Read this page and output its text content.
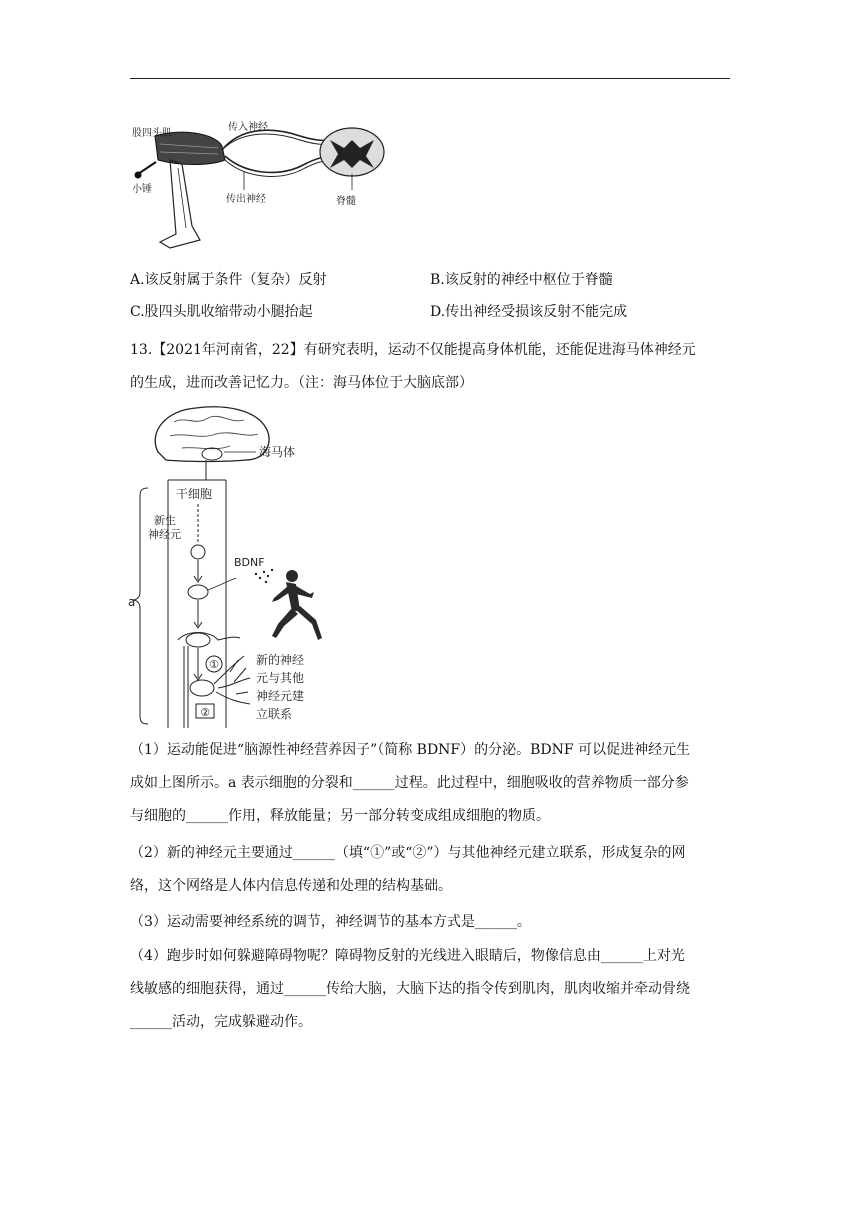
股四头肌
传入神经
小锤
传出神经	脊髓
A.该反射属于条件（复杂）反射	B.该反射的神经中枢位于脊髓
C.股四头肌收缩带动小腿抬起	D.传出神经受损该反射不能完成
13.【2021年河南省，22】有研究表明，运动不仅能提高身体机能，还能促进海马体神经元
的生成，进而改善记忆力。（注：海马体位于大脑底部）
海马体
a
干细胞
新生
神经元
①
②
BDNF
新的神经
元与其他
神经元建
立联系
（1）运动能促进“脑源性神经营养因子”（简称 BDNF）的分泌。BDNF 可以促进神经元生
成如上图所示。a 表示细胞的分裂和______过程。此过程中，细胞吸收的营养物质一部分参
与细胞的______作用，释放能量；另一部分转变成组成细胞的物质。
（2）新的神经元主要通过______（填“①”或“②”）与其他神经元建立联系，形成复杂的网
络，这个网络是人体内信息传递和处理的结构基础。
（3）运动需要神经系统的调节，神经调节的基本方式是______。
（4）跑步时如何躲避障碍物呢？障碍物反射的光线进入眼睛后，物像信息由______上对光
线敏感的细胞获得，通过______传给大脑，大脑下达的指令传到肌肉，肌肉收缩并牵动骨绕
______活动，完成躲避动作。
